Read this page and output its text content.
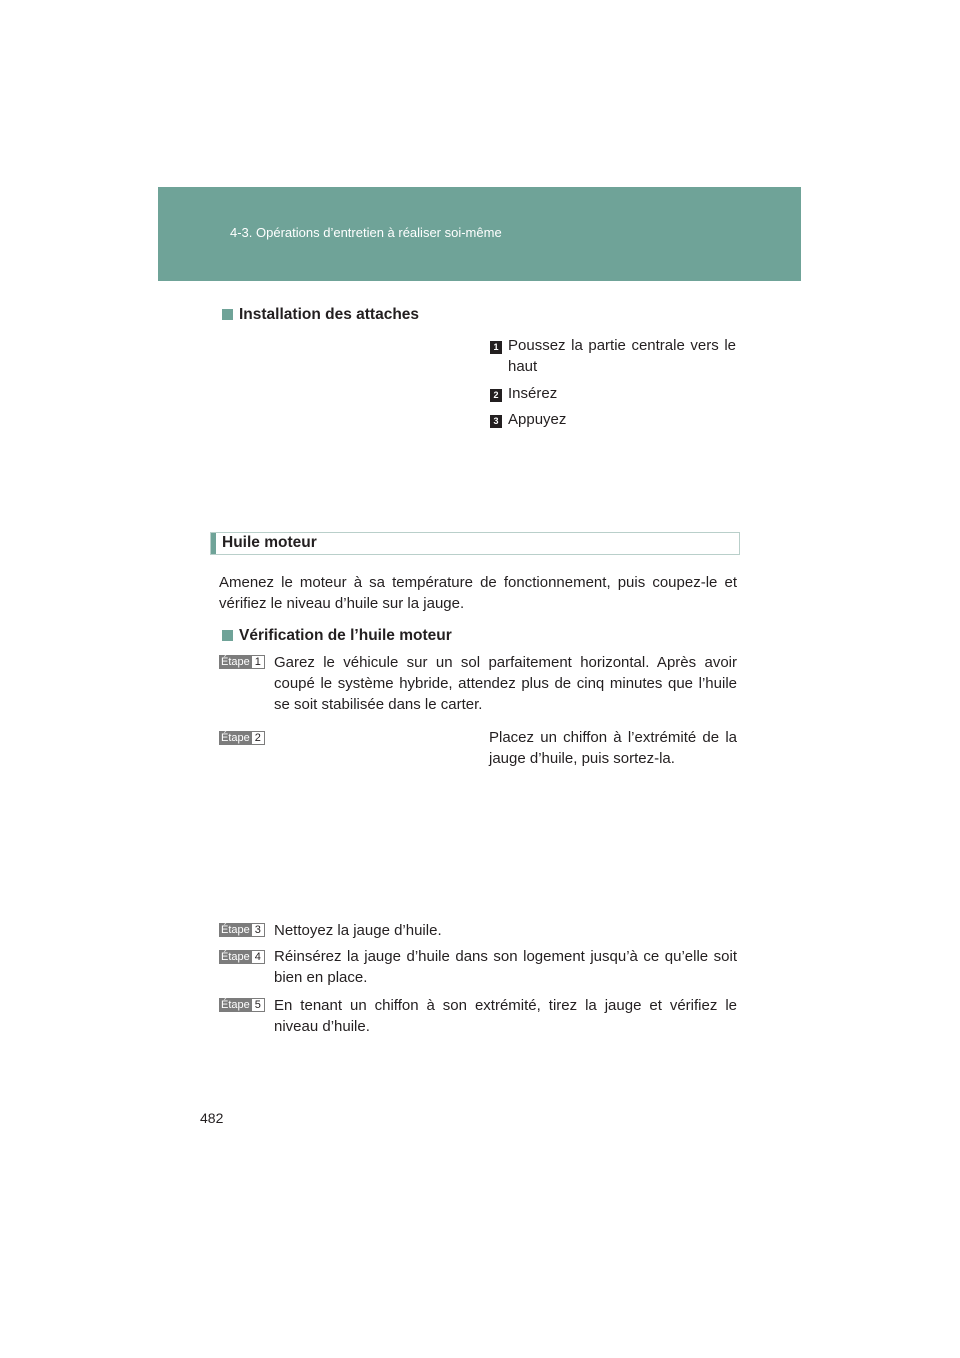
4-3. Opérations d’entretien à réaliser soi-même
Installation des attaches
1 Poussez la partie centrale vers le haut
2 Insérez
3 Appuyez
Huile moteur
Amenez le moteur à sa température de fonctionnement, puis coupez-le et vérifiez le niveau d’huile sur la jauge.
Vérification de l’huile moteur
Étape 1 Garez le véhicule sur un sol parfaitement horizontal. Après avoir coupé le système hybride, attendez plus de cinq minutes que l’huile se soit stabilisée dans le carter.
Étape 2	Placez un chiffon à l’extrémité de la jauge d’huile, puis sortez-la.
Étape 3 Nettoyez la jauge d’huile.
Étape 4 Réinsérez la jauge d’huile dans son logement jusqu’à ce qu’elle soit bien en place.
Étape 5 En tenant un chiffon à son extrémité, tirez la jauge et vérifiez le niveau d’huile.
482
